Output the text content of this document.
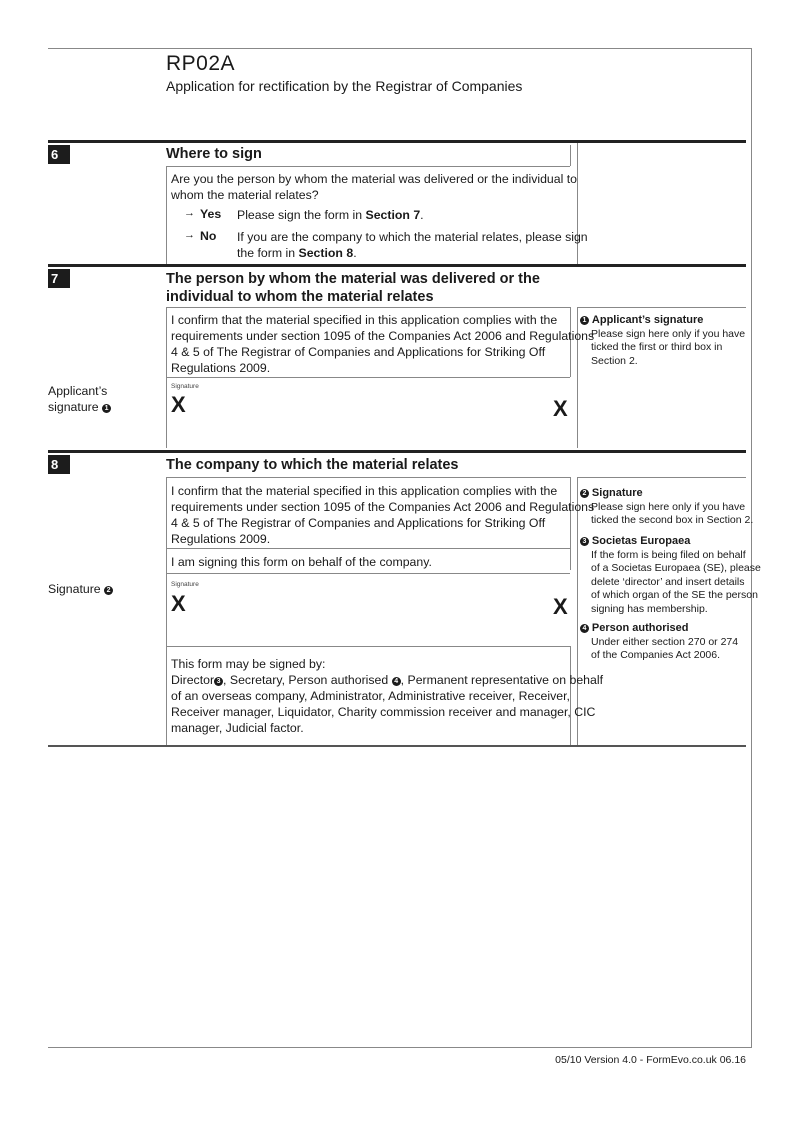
RP02A
Application for rectification by the Registrar of Companies
6	Where to sign
Are you the person by whom the material was delivered or the individual to
whom the material relates?
→ Yes Please sign the form in Section 7.
→ No If you are the company to which the material relates, please sign
the form in Section 8.
7	The person by whom the material was delivered or the
individual to whom the material relates
I confirm that the material specified in this application complies with the
requirements under section 1095 of the Companies Act 2006 and Regulations
4 & 5 of The Registrar of Companies and Applications for Striking Off
Regulations 2009.
Applicant’s
signature 1
Signature
X	X
1 Applicant’s signature
Please sign here only if you have
ticked the first or third box in
Section 2.
8	The company to which the material relates
I confirm that the material specified in this application complies with the
requirements under section 1095 of the Companies Act 2006 and Regulations
4 & 5 of The Registrar of Companies and Applications for Striking Off
Regulations 2009.
I am signing this form on behalf of the company.
Signature 2
Signature
X	X
This form may be signed by:
Director 3 , Secretary, Person authorised 4 , Permanent representative on behalf
of an overseas company, Administrator, Administrative receiver, Receiver,
Receiver manager, Liquidator, Charity commission receiver and manager, CIC
manager, Judicial factor.
2 Signature
Please sign here only if you have
ticked the second box in Section 2.
3 Societas Europaea
If the form is being filed on behalf
of a Societas Europaea (SE), please
delete ‘director’ and insert details
of which organ of the SE the person
signing has membership.
4 Person authorised
Under either section 270 or 274
of the Companies Act 2006.
05/10 Version 4.0 - FormEvo.co.uk 06.16
